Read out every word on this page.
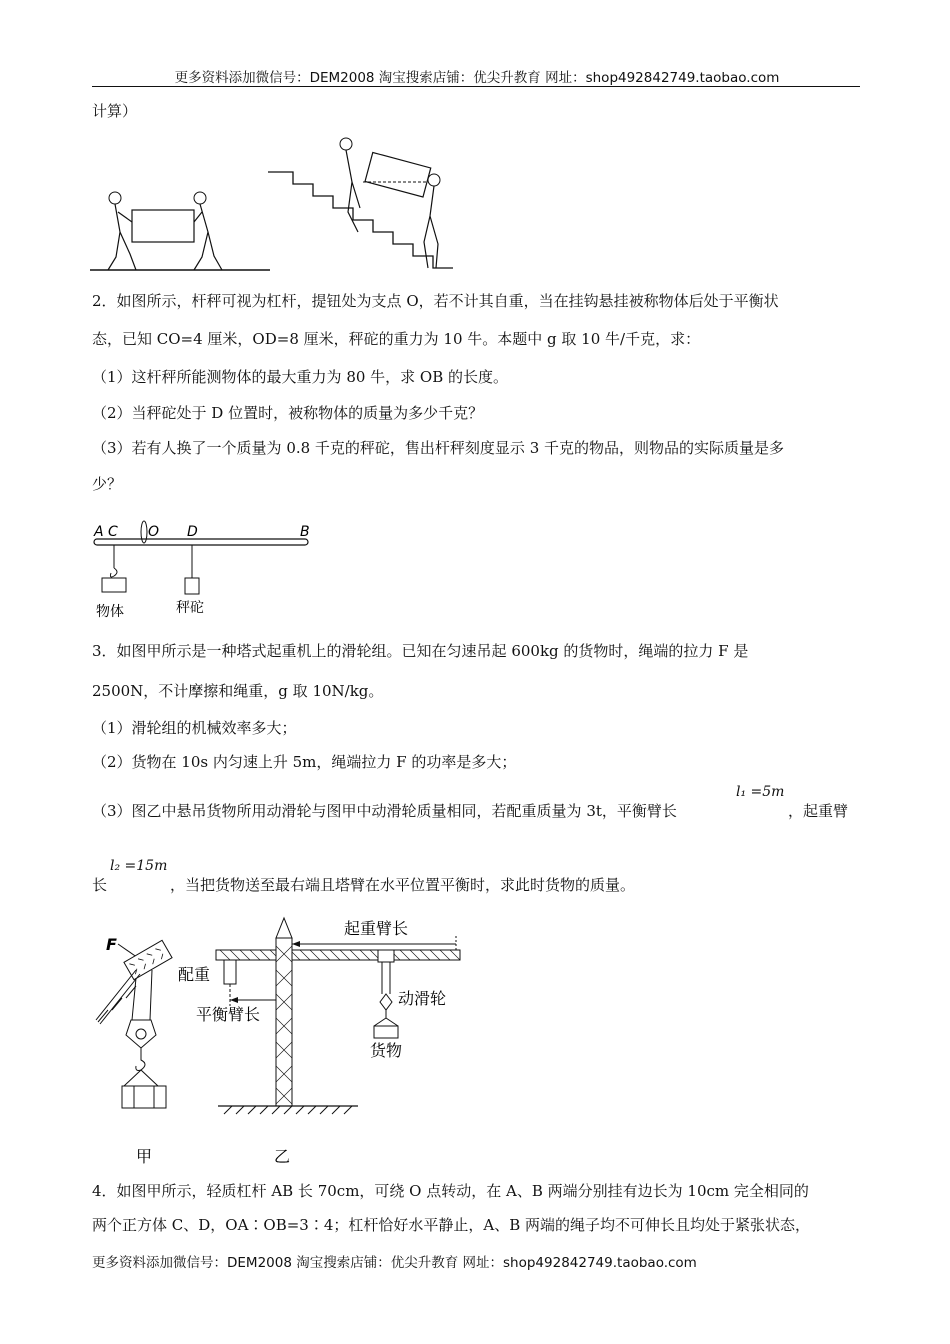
更多资料添加微信号：DEM2008 淘宝搜索店铺：优尖升教育 网址：shop492842749.taobao.com
计算）
2．如图所示，杆秤可视为杠杆，提钮处为支点 O，若不计其自重，当在挂钩悬挂被称物体后处于平衡状
态，已知 CO=4 厘米，OD=8 厘米，秤砣的重力为 10 牛。本题中 g 取 10 牛/千克，求：
（1）这杆秤所能测物体的最大重力为 80 牛，求 OB 的长度。
（2）当秤砣处于 D 位置时，被称物体的质量为多少千克？
（3）若有人换了一个质量为 0.8 千克的秤砣，售出杆秤刻度显示 3 千克的物品，则物品的实际质量是多
少？
A C O D	B
物体	秤砣
3．如图甲所示是一种塔式起重机上的滑轮组。已知在匀速吊起 600kg 的货物时，绳端的拉力 F 是
2500N，不计摩擦和绳重，g 取 10N/kg。
（1）滑轮组的机械效率多大；
（2）货物在 10s 内匀速上升 5m，绳端拉力 F 的功率是多大；
（3）图乙中悬吊货物所用动滑轮与图甲中动滑轮质量相同，若配重质量为 3t，平衡臂长
l₁ =5m
，起重臂
长
l₂ =15m
，当把货物送至最右端且塔臂在水平位置平衡时，求此时货物的质量。
F
甲
起重臂长
配重
平衡臂长
动滑轮
货物
乙
4．如图甲所示，轻质杠杆 AB 长 70cm，可绕 O 点转动，在 A、B 两端分别挂有边长为 10cm 完全相同的
两个正方体 C、D，OA∶OB=3∶4；杠杆恰好水平静止，A、B 两端的绳子均不可伸长且均处于紧张状态，
更多资料添加微信号：DEM2008 淘宝搜索店铺：优尖升教育 网址：shop492842749.taobao.com
